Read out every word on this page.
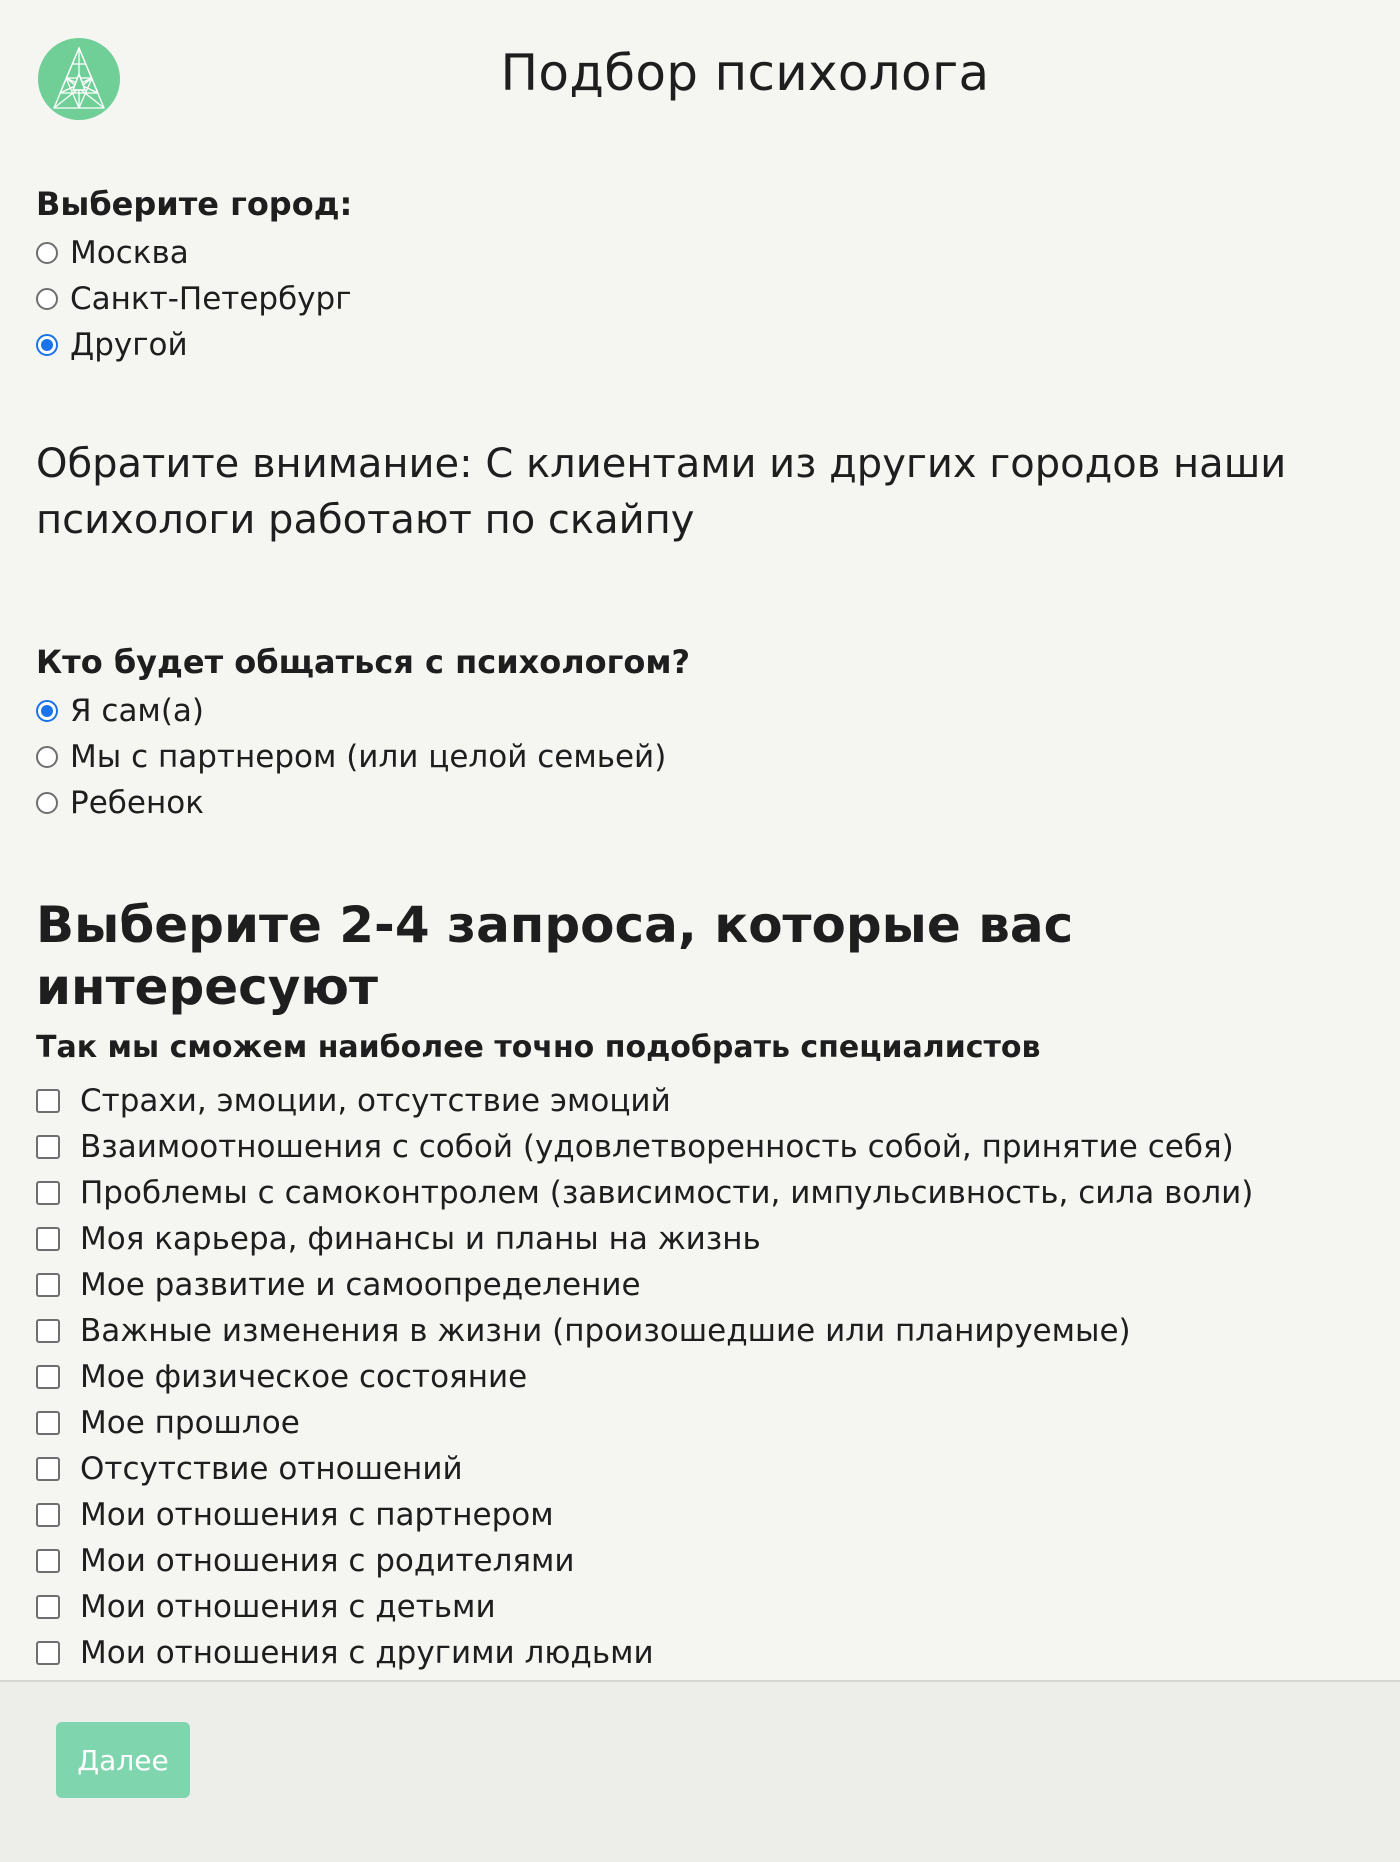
Подбор психолога
Выберите город:
Москва
Санкт-Петербург
Другой
Обратите внимание: С клиентами из других городов наши психологи работают по скайпу
Кто будет общаться с психологом?
Я сам(а)
Мы с партнером (или целой семьей)
Ребенок
Выберите 2-4 запроса, которые вас интересуют
Так мы сможем наиболее точно подобрать специалистов
Страхи, эмоции, отсутствие эмоций
Взаимоотношения с собой (удовлетворенность собой, принятие себя)
Проблемы с самоконтролем (зависимости, импульсивность, сила воли)
Моя карьера, финансы и планы на жизнь
Мое развитие и самоопределение
Важные изменения в жизни (произошедшие или планируемые)
Мое физическое состояние
Мое прошлое
Отсутствие отношений
Мои отношения с партнером
Мои отношения с родителями
Мои отношения с детьми
Мои отношения с другими людьми
Далее
